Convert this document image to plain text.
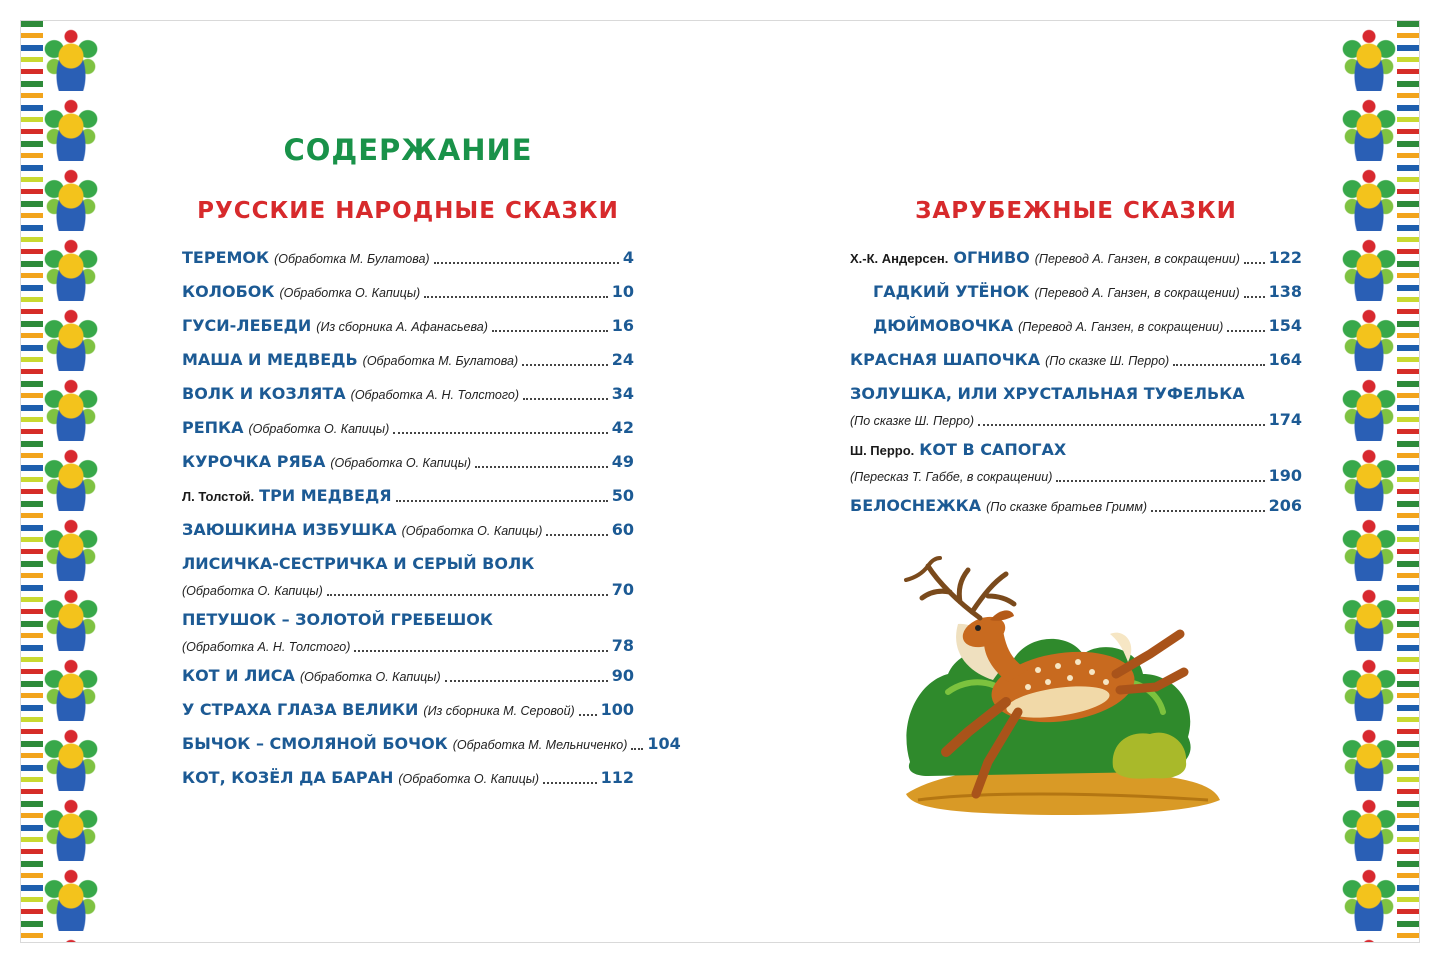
СОДЕРЖАНИЕ
РУССКИЕ НАРОДНЫЕ СКАЗКИ
ТЕРЕМОК (Обработка М. Булатова)	4
КОЛОБОК (Обработка О. Капицы)	10
ГУСИ-ЛЕБЕДИ (Из сборника А. Афанасьева)	16
МАША И МЕДВЕДЬ (Обработка М. Булатова)	24
ВОЛК И КОЗЛЯТА (Обработка А. Н. Толстого)	34
РЕПКА (Обработка О. Капицы)	42
КУРОЧКА РЯБА (Обработка О. Капицы)	49
Л. Толстой. ТРИ МЕДВЕДЯ	50
ЗАЮШКИНА ИЗБУШКА (Обработка О. Капицы)	60
ЛИСИЧКА-СЕСТРИЧКА И СЕРЫЙ ВОЛК
(Обработка О. Капицы)	70
ПЕТУШОК – ЗОЛОТОЙ ГРЕБЕШОК
(Обработка А. Н. Толстого)	78
КОТ И ЛИСА (Обработка О. Капицы)	90
У СТРАХА ГЛАЗА ВЕЛИКИ (Из сборника М. Серовой) 100
БЫЧОК – СМОЛЯНОЙ БОЧОК (Обработка М. Мельниченко) 104
КОТ, КОЗЁЛ ДА БАРАН (Обработка О. Капицы)	112
ЗАРУБЕЖНЫЕ СКАЗКИ
Х.-К. Андерсен. ОГНИВО (Перевод А. Ганзен, в сокращении) 122
ГАДКИЙ УТЁНОК (Перевод А. Ганзен, в сокращении) 138
ДЮЙМОВОЧКА (Перевод А. Ганзен, в сокращении)	154
КРАСНАЯ ШАПОЧКА (По сказке Ш. Перро)	164
ЗОЛУШКА, ИЛИ ХРУСТАЛЬНАЯ ТУФЕЛЬКА
(По сказке Ш. Перро)	174
Ш. Перро. КОТ В САПОГАХ
(Пересказ Т. Габбе, в сокращении)	190
БЕЛОСНЕЖКА (По сказке братьев Гримм)	206
